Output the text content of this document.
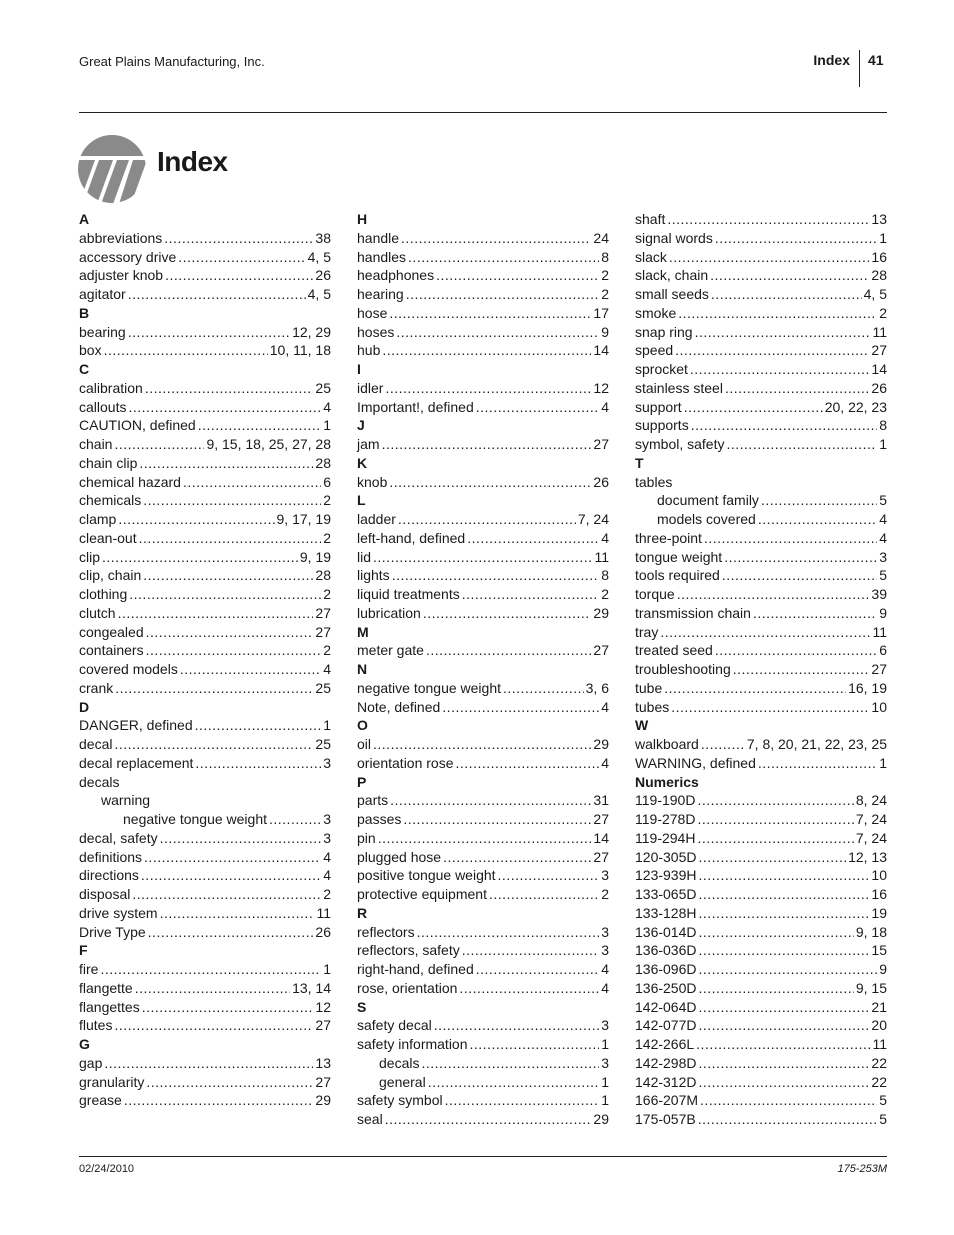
Great Plains Manufacturing, Inc.	Index 41
Index
A
abbreviations .....	38
accessory drive .....	4, 5
adjuster knob .....	26
agitator .....	4, 5
B
bearing .....	12, 29
box .....	10, 11, 18
C
calibration .....	25
callouts .....	4
CAUTION, defined .....	1
chain .....	9, 15, 18, 25, 27, 28
chain clip .....	28
chemical hazard .....	6
chemicals .....	2
clamp .....	9, 17, 19
clean-out .....	2
clip .....	9, 19
clip, chain .....	28
clothing .....	2
clutch .....	27
congealed .....	27
containers .....	2
covered models .....	4
crank .....	25
D
DANGER, defined .....	1
decal .....	25
decal replacement .....	3
decals
warning
negative tongue weight .....	3
decal, safety .....	3
definitions .....	4
directions .....	4
disposal .....	2
drive system .....	11
Drive Type .....	26
F
fire .....	1
flangette .....	13, 14
flangettes .....	12
flutes .....	27
G
gap .....	13
granularity .....	27
grease .....	29
H
handle .....	24
handles .....	8
headphones .....	2
hearing .....	2
hose .....	17
hoses .....	9
hub .....	14
I
idler .....	12
Important!, defined .....	4
J
jam .....	27
K
knob .....	26
L
ladder .....	7, 24
left-hand, defined .....	4
lid .....	11
lights .....	8
liquid treatments .....	2
lubrication .....	29
M
meter gate .....	27
N
negative tongue weight .....	3, 6
Note, defined .....	4
O
oil .....	29
orientation rose .....	4
P
parts .....	31
passes .....	27
pin .....	14
plugged hose .....	27
positive tongue weight .....	3
protective equipment .....	2
R
reflectors .....	3
reflectors, safety .....	3
right-hand, defined .....	4
rose, orientation .....	4
S
safety decal .....	3
safety information .....	1
decals .....	3
general .....	1
safety symbol .....	1
seal .....	29
shaft .....	13
signal words .....	1
slack .....	16
slack, chain .....	28
small seeds .....	4, 5
smoke .....	2
snap ring .....	11
speed .....	27
sprocket .....	14
stainless steel .....	26
support .....	20, 22, 23
supports .....	8
symbol, safety .....	1
T
tables
document family .....	5
models covered .....	4
three-point .....	4
tongue weight .....	3
tools required .....	5
torque .....	39
transmission chain .....	9
tray .....	11
treated seed .....	6
troubleshooting .....	27
tube .....	16, 19
tubes .....	10
W
walkboard .....	7, 8, 20, 21, 22, 23, 25
WARNING, defined .....	1
Numerics
119-190D .....	8, 24
119-278D .....	7, 24
119-294H .....	7, 24
120-305D .....	12, 13
123-939H .....	10
133-065D .....	16
133-128H .....	19
136-014D .....	9, 18
136-036D .....	15
136-096D .....	9
136-250D .....	9, 15
142-064D .....	21
142-077D .....	20
142-266L .....	11
142-298D .....	22
142-312D .....	22
166-207M .....	5
175-057B .....	5
02/24/2010	175-253M
